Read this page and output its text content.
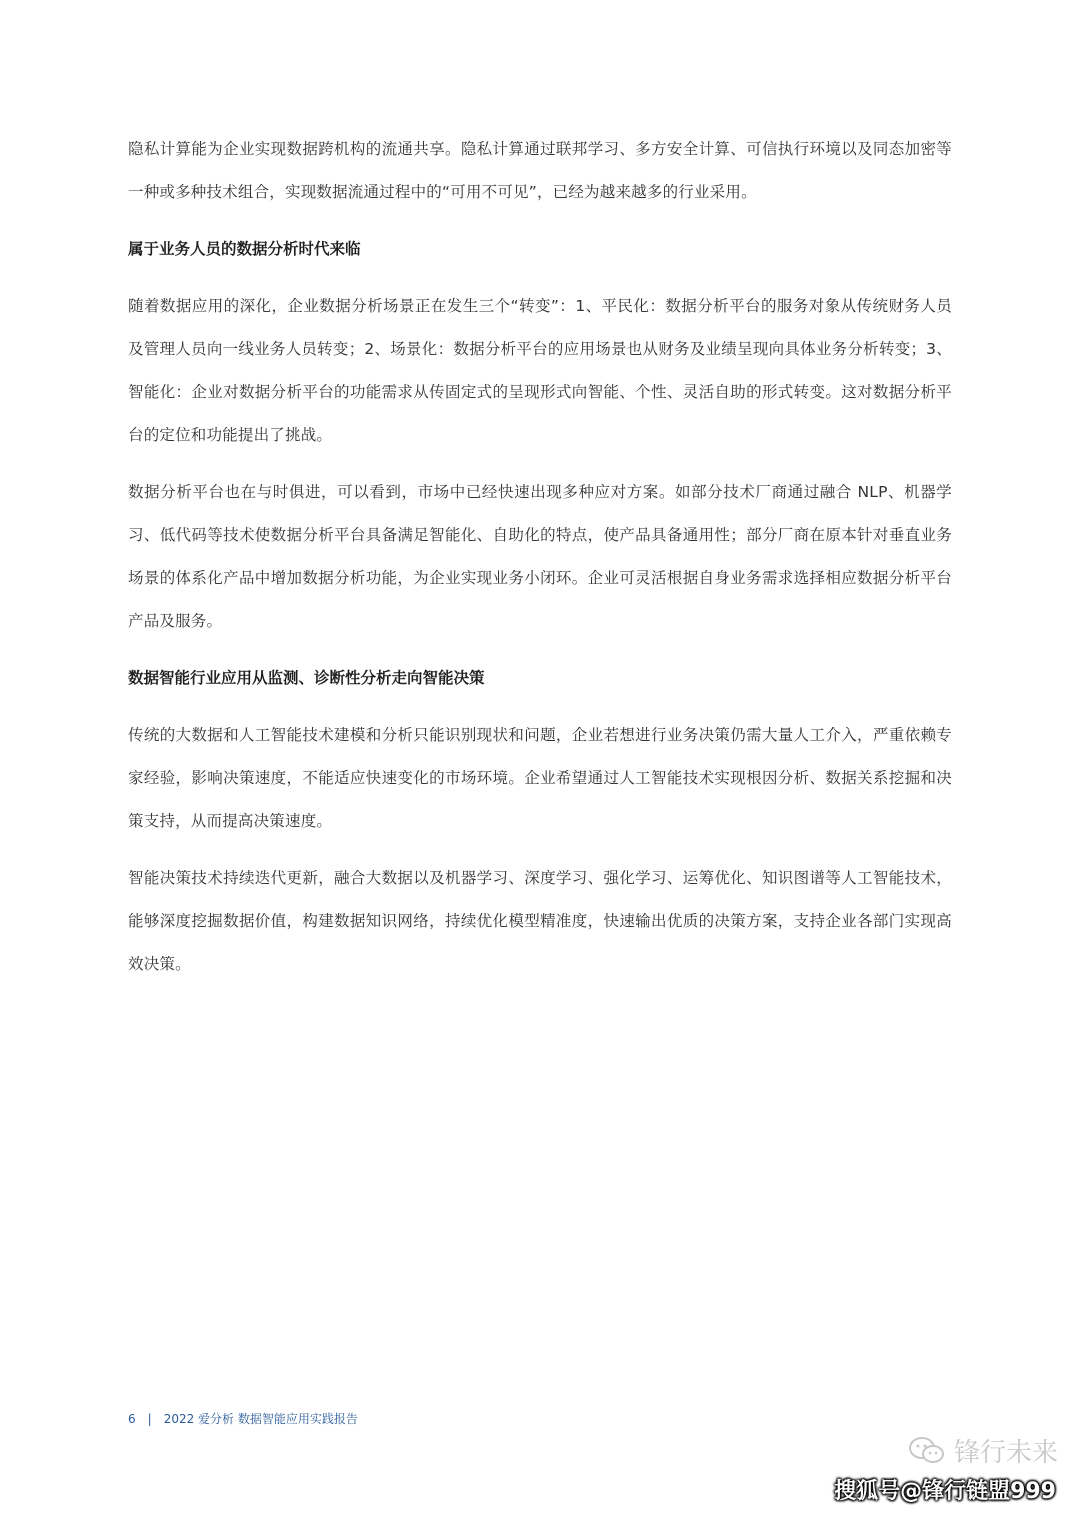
隐私计算能为企业实现数据跨机构的流通共享。隐私计算通过联邦学习、多方安全计算、可信执行环境以及同态加密等一种或多种技术组合，实现数据流通过程中的“可用不可见”，已经为越来越多的行业采用。

属于业务人员的数据分析时代来临

随着数据应用的深化，企业数据分析场景正在发生三个“转变”：1、平民化：数据分析平台的服务对象从传统财务人员及管理人员向一线业务人员转变；2、场景化：数据分析平台的应用场景也从财务及业绩呈现向具体业务分析转变；3、智能化：企业对数据分析平台的功能需求从传固定式的呈现形式向智能、个性、灵活自助的形式转变。这对数据分析平台的定位和功能提出了挑战。

数据分析平台也在与时俱进，可以看到，市场中已经快速出现多种应对方案。如部分技术厂商通过融合 NLP、机器学习、低代码等技术使数据分析平台具备满足智能化、自助化的特点，使产品具备通用性；部分厂商在原本针对垂直业务场景的体系化产品中增加数据分析功能，为企业实现业务小闭环。企业可灵活根据自身业务需求选择相应数据分析平台产品及服务。

数据智能行业应用从监测、诊断性分析走向智能决策

传统的大数据和人工智能技术建模和分析只能识别现状和问题，企业若想进行业务决策仍需大量人工介入，严重依赖专家经验，影响决策速度，不能适应快速变化的市场环境。企业希望通过人工智能技术实现根因分析、数据关系挖掘和决策支持，从而提高决策速度。

智能决策技术持续迭代更新，融合大数据以及机器学习、深度学习、强化学习、运筹优化、知识图谱等人工智能技术，能够深度挖掘数据价值，构建数据知识网络，持续优化模型精准度，快速输出优质的决策方案，支持企业各部门实现高效决策。

6 | 2022 爱分析 数据智能应用实践报告
锋行未来
搜狐号@锋行链盟999
